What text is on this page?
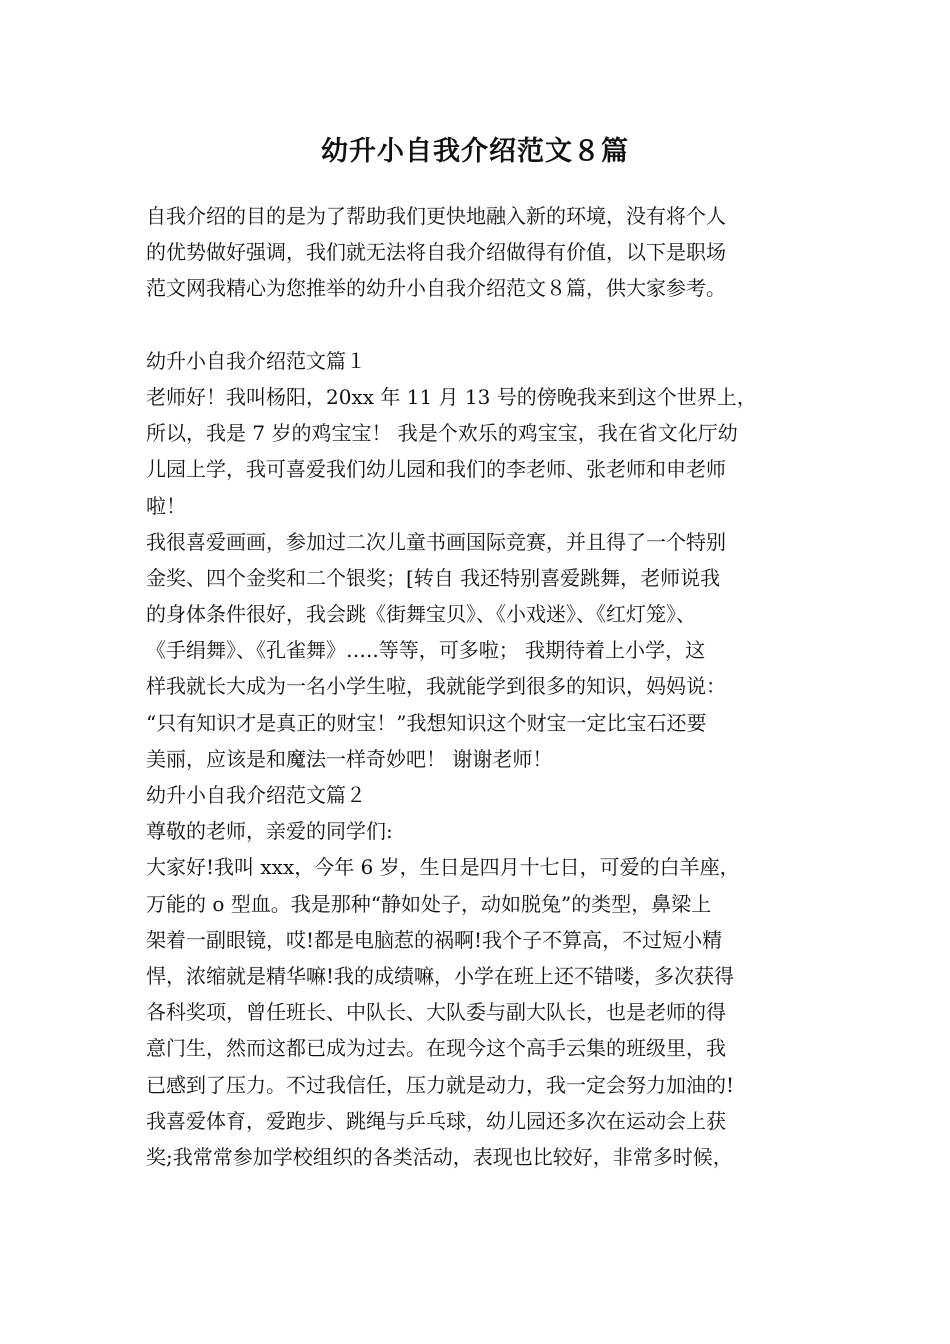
幼升小自我介绍范文８篇
自我介绍的目的是为了帮助我们更快地融入新的环境，没有将个人
的优势做好强调，我们就无法将自我介绍做得有价值，以下是职场
范文网我精心为您推举的幼升小自我介绍范文８篇，供大家参考。
幼升小自我介绍范文篇１
老师好！我叫杨阳，20xx 年 11 月 13 号的傍晚我来到这个世界上，
所以，我是 7 岁的鸡宝宝！ 我是个欢乐的鸡宝宝，我在省文化厅幼
儿园上学，我可喜爱我们幼儿园和我们的李老师、张老师和申老师
啦！
我很喜爱画画，参加过二次儿童书画国际竞赛，并且得了一个特别
金奖、四个金奖和二个银奖；[转自 我还特别喜爱跳舞，老师说我
的身体条件很好，我会跳《街舞宝贝》、《小戏迷》、《红灯笼》、
《手绢舞》、《孔雀舞》…..等等，可多啦； 我期待着上小学，这
样我就长大成为一名小学生啦，我就能学到很多的知识，妈妈说：
“只有知识才是真正的财宝！”我想知识这个财宝一定比宝石还要
美丽，应该是和魔法一样奇妙吧！ 谢谢老师！
幼升小自我介绍范文篇２
尊敬的老师，亲爱的同学们:
大家好!我叫 xxx，今年 6 岁，生日是四月十七日，可爱的白羊座，
万能的 o 型血。我是那种“静如处子，动如脱兔”的类型，鼻梁上
架着一副眼镜，哎!都是电脑惹的祸啊!我个子不算高，不过短小精
悍，浓缩就是精华嘛!我的成绩嘛，小学在班上还不错喽，多次获得
各科奖项，曾任班长、中队长、大队委与副大队长，也是老师的得
意门生，然而这都已成为过去。在现今这个高手云集的班级里，我
已感到了压力。不过我信任，压力就是动力，我一定会努力加油的!
我喜爱体育，爱跑步、跳绳与乒乓球，幼儿园还多次在运动会上获
奖;我常常参加学校组织的各类活动，表现也比较好，非常多时候，
